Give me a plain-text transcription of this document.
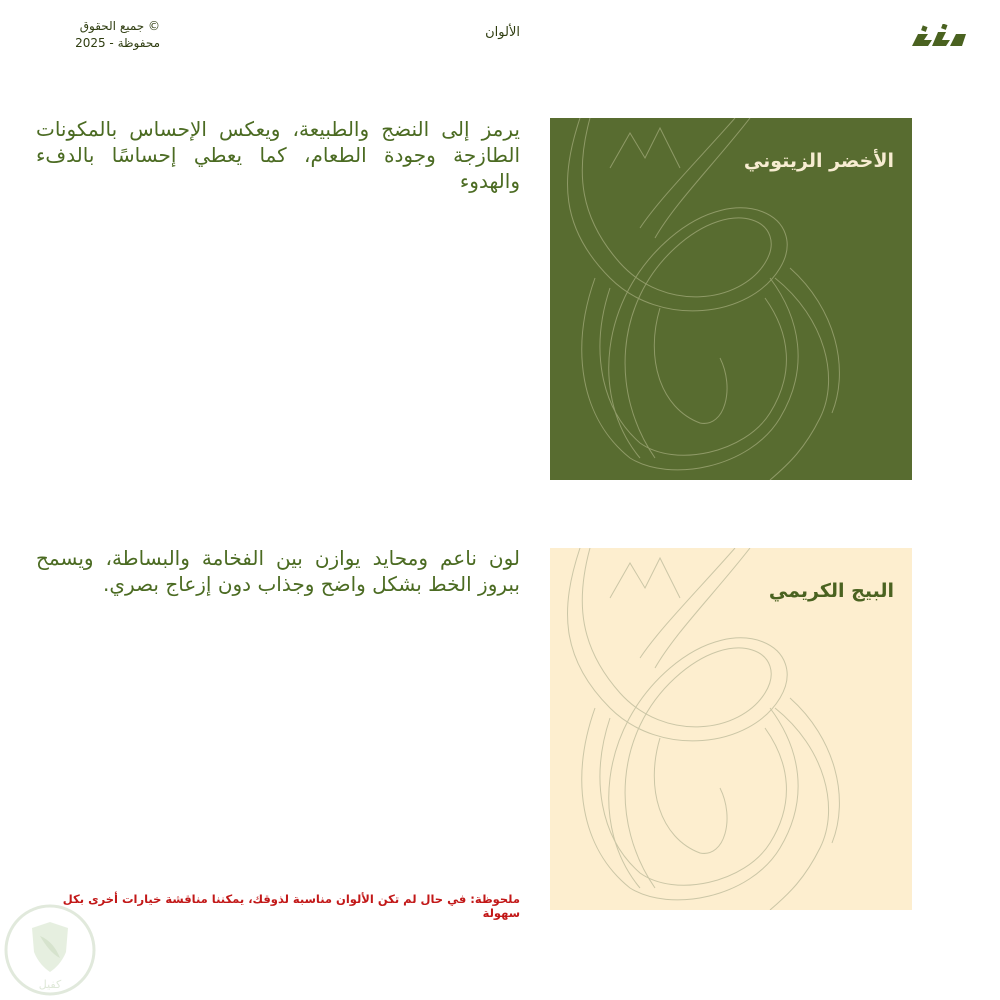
الألوان
© جميع الحقوق
محفوظة - 2025
يرمز إلى النضج والطبيعة، ويعكس الإحساس بالمكونات الطازجة وجودة الطعام، كما يعطي إحساسًا بالدفء والهدوء
الأخضر الزيتوني
لون ناعم ومحايد يوازن بين الفخامة والبساطة، ويسمح ببروز الخط بشكل واضح وجذاب دون إزعاج بصري.	البيج الكريمي
ملحوظة: في حال لم تكن الألوان مناسبة لذوقك، يمكننا مناقشة خيارات أخرى بكل سهولة
كفيل
